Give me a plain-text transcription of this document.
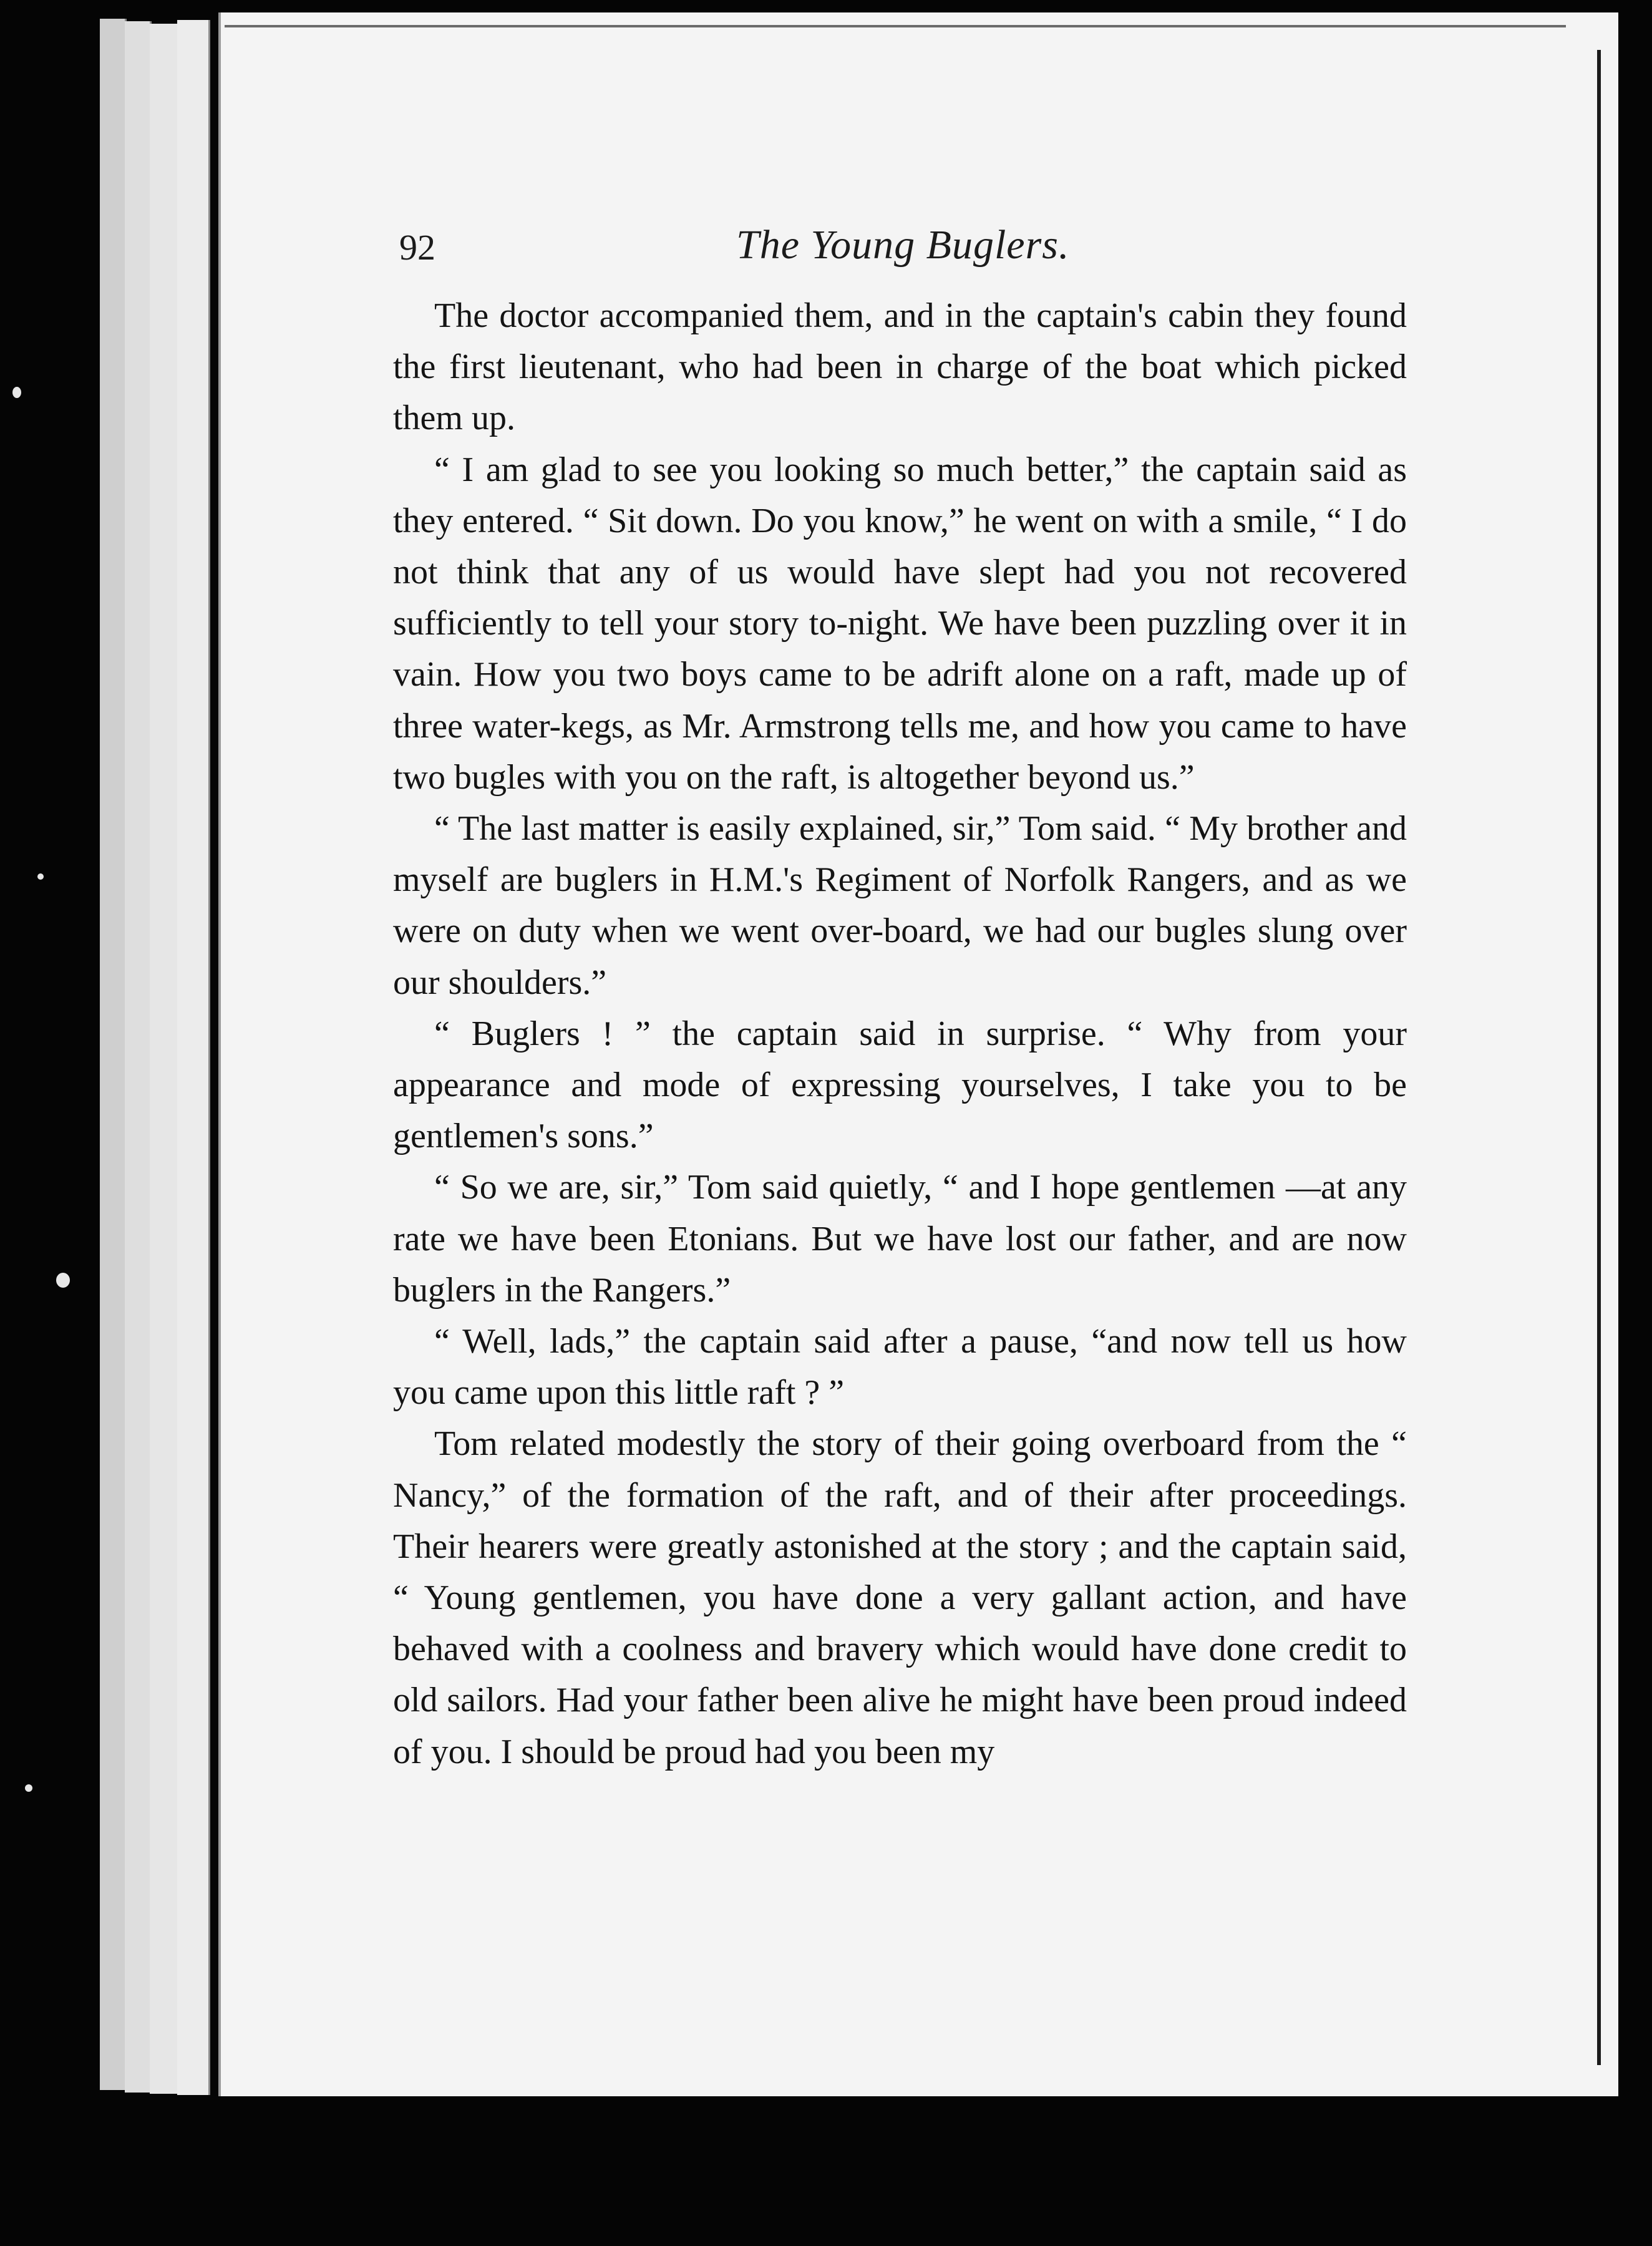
92	The Young Buglers.

The doctor accompanied them, and in the captain's cabin they found the first lieutenant, who had been in charge of the boat which picked them up.

“ I am glad to see you looking so much better,” the captain said as they entered. “ Sit down. Do you know,” he went on with a smile, “ I do not think that any of us would have slept had you not recovered sufficiently to tell your story to-night. We have been puzzling over it in vain. How you two boys came to be adrift alone on a raft, made up of three water-kegs, as Mr. Armstrong tells me, and how you came to have two bugles with you on the raft, is altogether beyond us.”

“ The last matter is easily explained, sir,” Tom said. “ My brother and myself are buglers in H.M.'s Regiment of Norfolk Rangers, and as we were on duty when we went over-board, we had our bugles slung over our shoulders.”

“ Buglers ! ” the captain said in surprise. “ Why from your appearance and mode of expressing yourselves, I take you to be gentlemen's sons.”

“ So we are, sir,” Tom said quietly, “ and I hope gentlemen —at any rate we have been Etonians. But we have lost our father, and are now buglers in the Rangers.”

“ Well, lads,” the captain said after a pause, “and now tell us how you came upon this little raft ? ”

Tom related modestly the story of their going overboard from the “ Nancy,” of the formation of the raft, and of their after proceedings. Their hearers were greatly astonished at the story ; and the captain said, “ Young gentlemen, you have done a very gallant action, and have behaved with a coolness and bravery which would have done credit to old sailors. Had your father been alive he might have been proud indeed of you. I should be proud had you been my
